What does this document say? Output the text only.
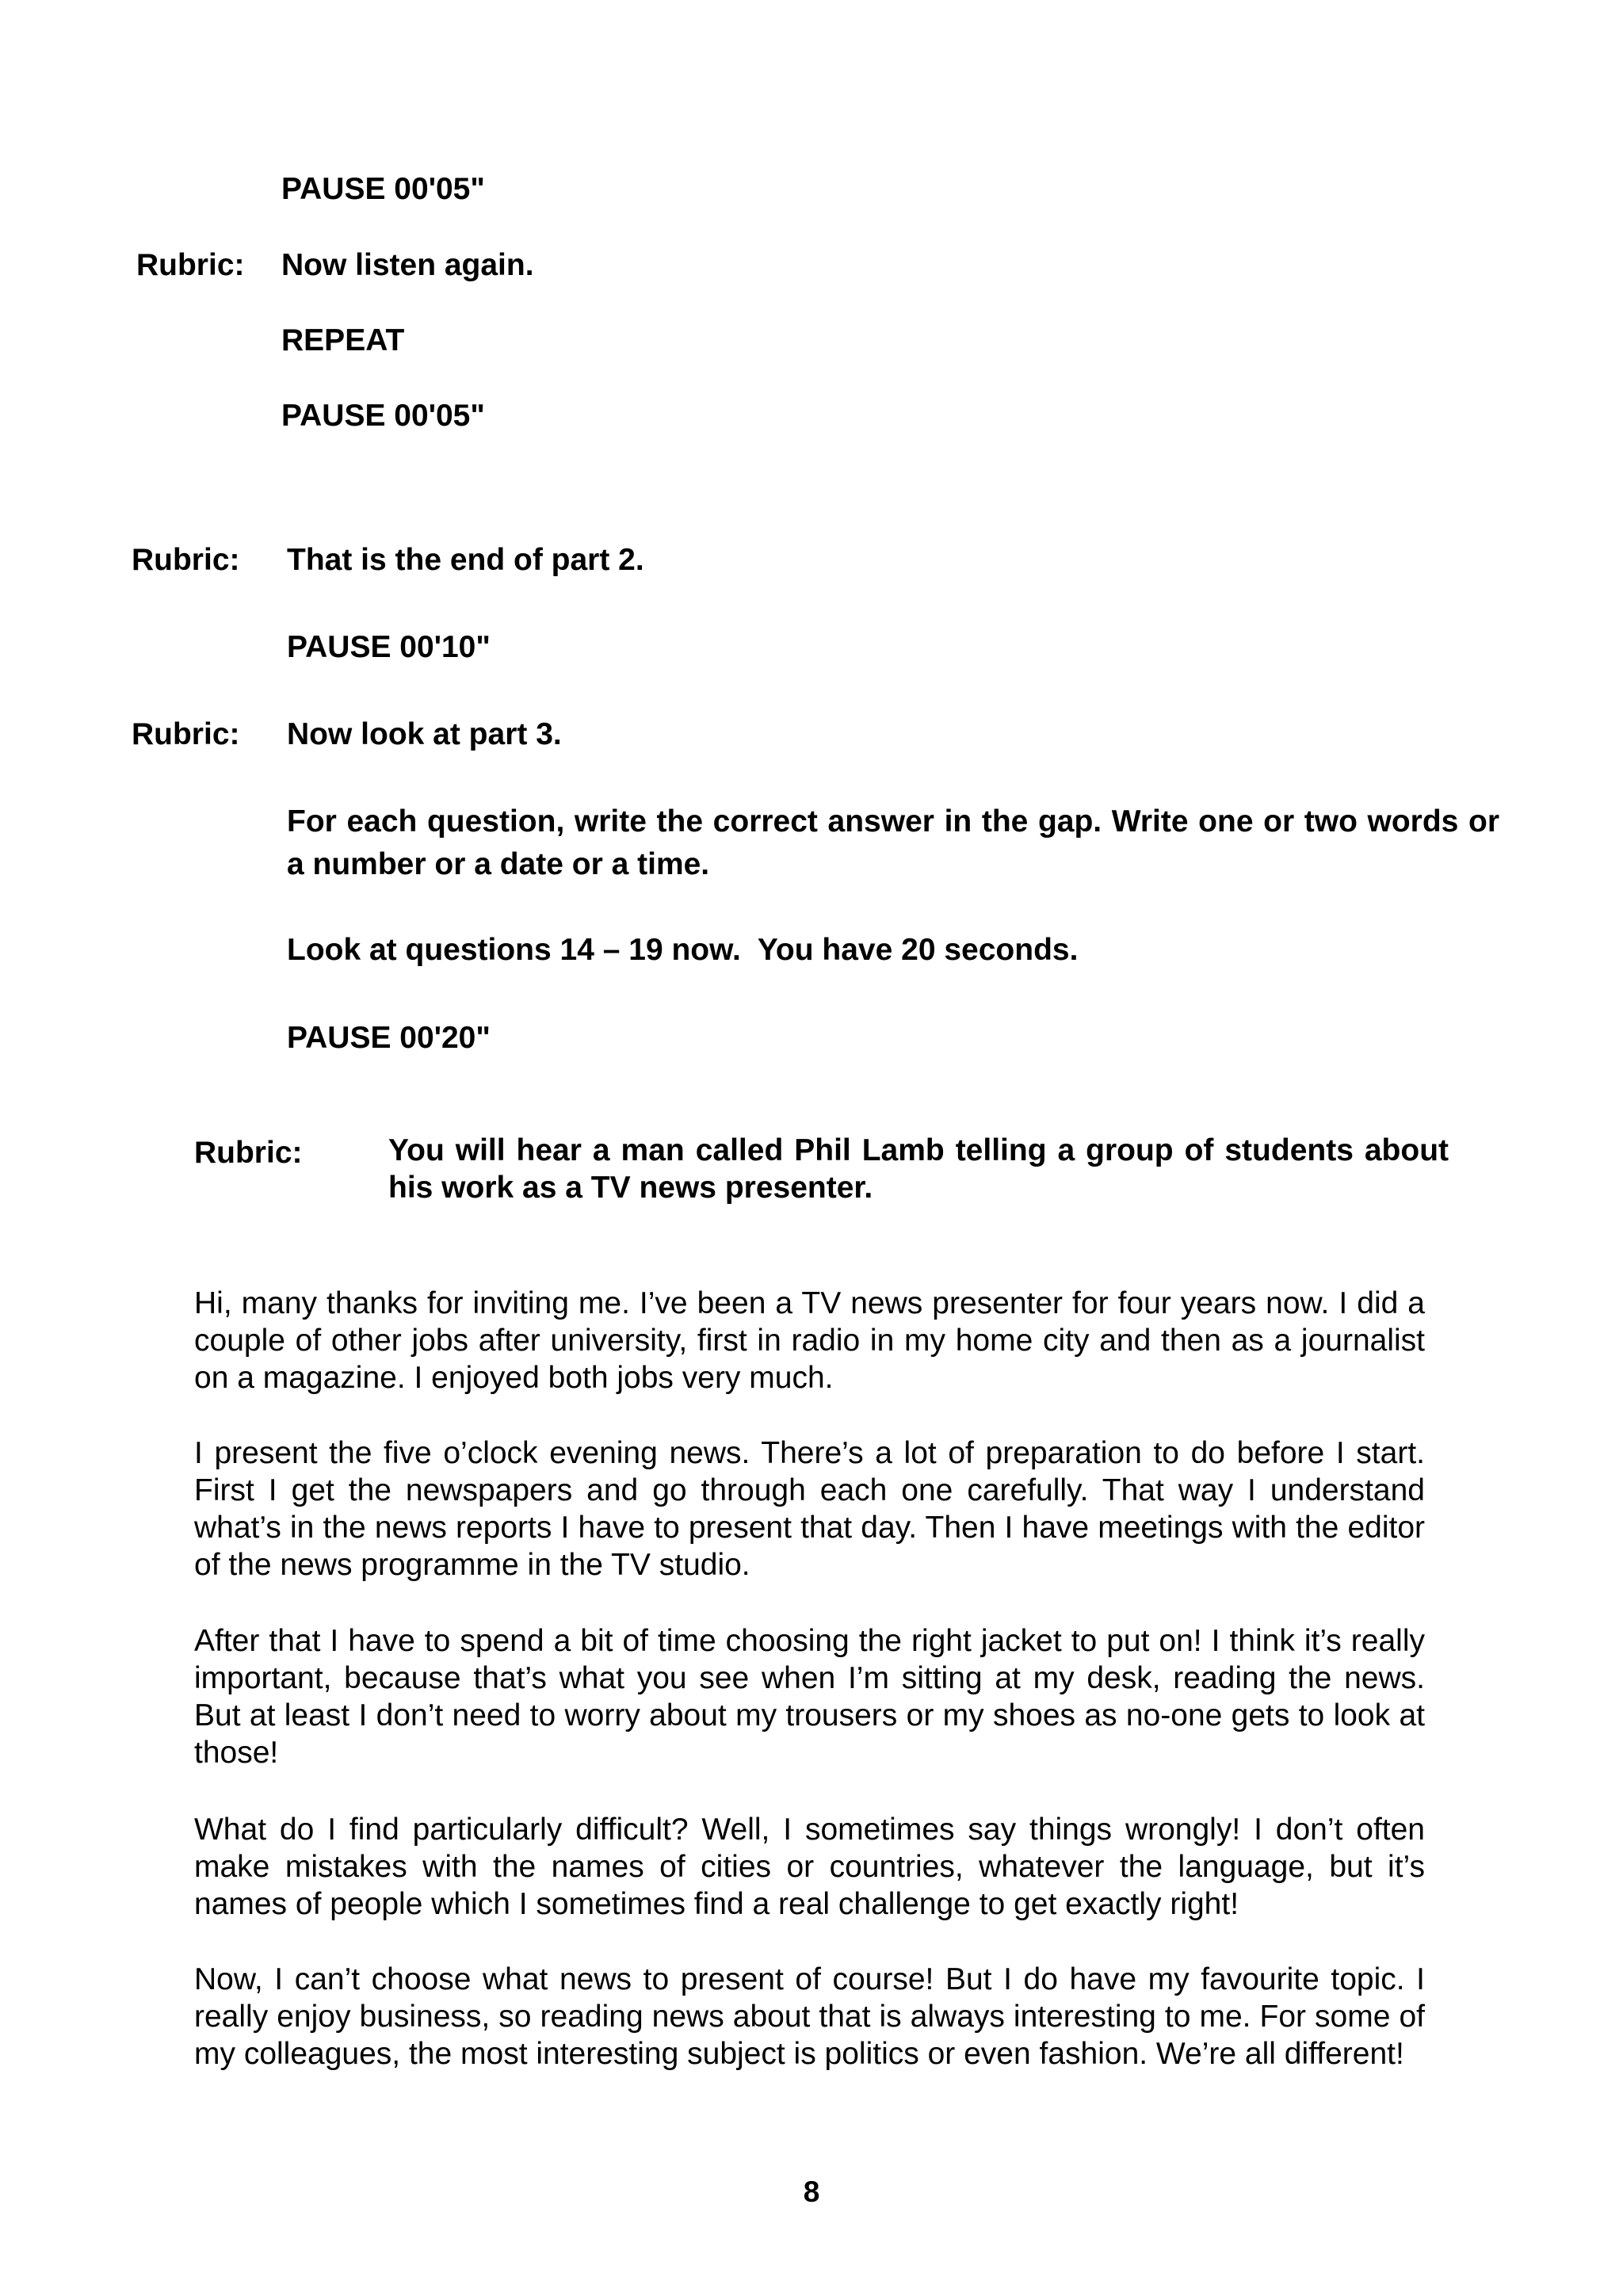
PAUSE 00'05"
Rubric: Now listen again.
REPEAT
PAUSE 00'05"
Rubric: That is the end of part 2.
PAUSE 00'10"
Rubric: Now look at part 3.
For each question, write the correct answer in the gap. Write one or two words or a number or a date or a time.
Look at questions 14 – 19 now.  You have 20 seconds.
PAUSE 00'20"
Rubric:	You will hear a man called Phil Lamb telling a group of students about his work as a TV news presenter.
Hi, many thanks for inviting me. I’ve been a TV news presenter for four years now. I did a couple of other jobs after university, first in radio in my home city and then as a journalist on a magazine. I enjoyed both jobs very much.
I present the five o’clock evening news. There’s a lot of preparation to do before I start. First I get the newspapers and go through each one carefully. That way I understand what’s in the news reports I have to present that day. Then I have meetings with the editor of the news programme in the TV studio.
After that I have to spend a bit of time choosing the right jacket to put on! I think it’s really important, because that’s what you see when I’m sitting at my desk, reading the news. But at least I don’t need to worry about my trousers or my shoes as no-one gets to look at those!
What do I find particularly difficult? Well, I sometimes say things wrongly! I don’t often make mistakes with the names of cities or countries, whatever the language, but it’s names of people which I sometimes find a real challenge to get exactly right!
Now, I can’t choose what news to present of course! But I do have my favourite topic. I really enjoy business, so reading news about that is always interesting to me. For some of my colleagues, the most interesting subject is politics or even fashion. We’re all different!
8
